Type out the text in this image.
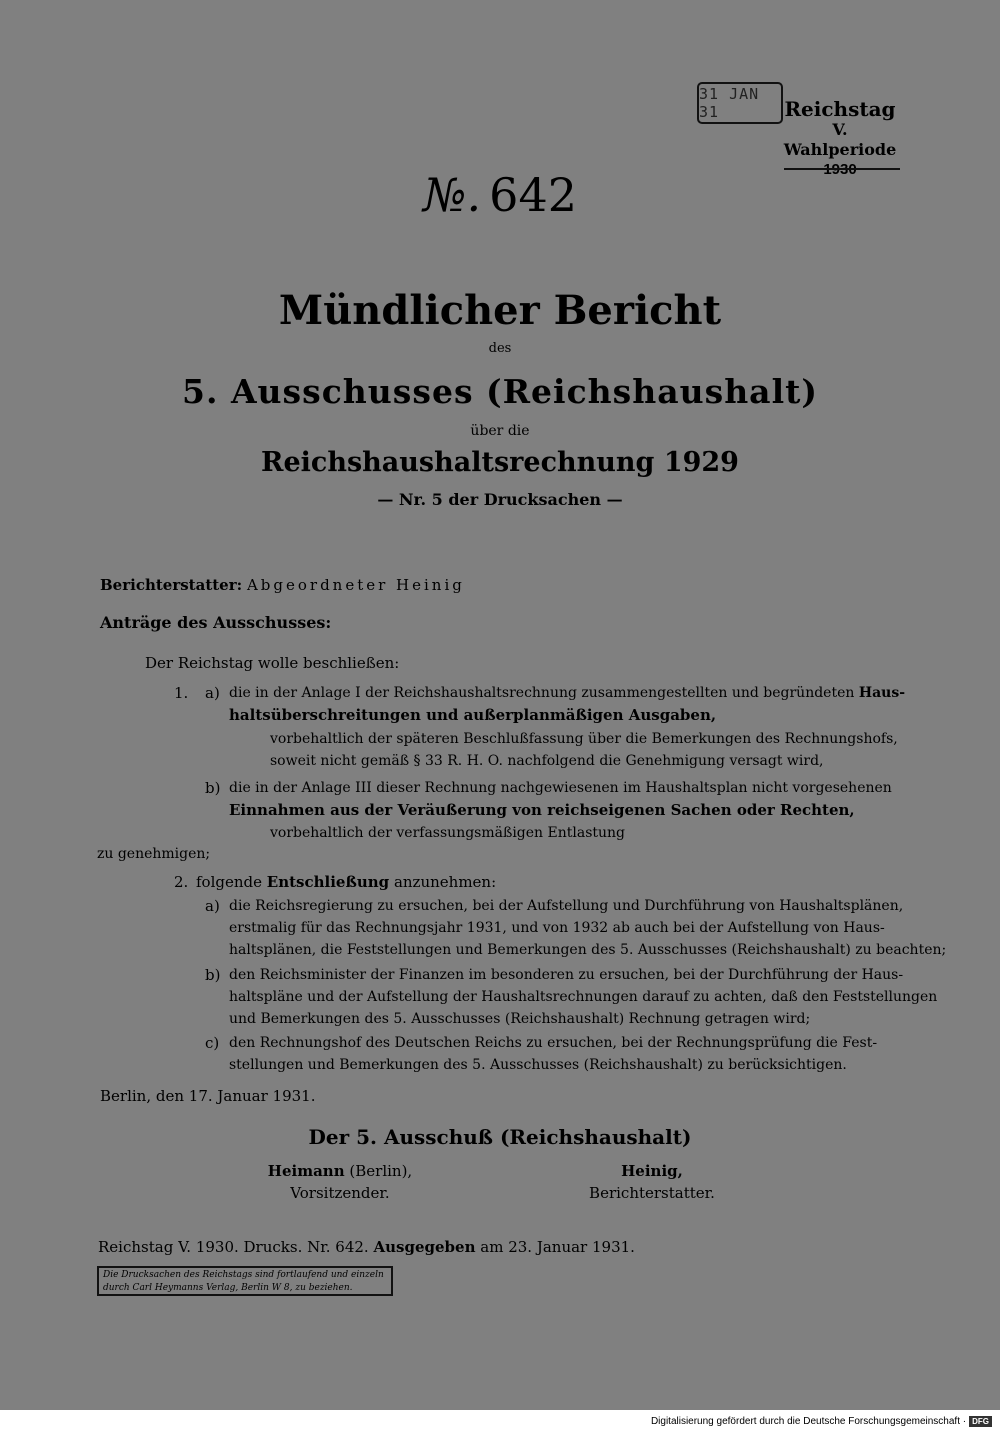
31 JAN 31	Reichstag
V. Wahlperiode
№. 642
Mündlicher Bericht
des
5. Ausschusses (Reichshaushalt)
über die
Reichshaushaltsrechnung 1929
— Nr. 5 der Drucksachen —
Berichterstatter: Abgeordneter Heinig
Anträge des Ausschusses:
Der Reichstag wolle beschließen:
1. a) die in der Anlage I der Reichshaushaltsrechnung zusammengestellten und begründeten Haus-
haltsüberschreitungen und außerplanmäßigen Ausgaben,
vorbehaltlich der späteren Beschlußfassung über die Bemerkungen des Rechnungshofs,
soweit nicht gemäß § 33 R. H. O. nachfolgend die Genehmigung versagt wird,
b) die in der Anlage III dieser Rechnung nachgewiesenen im Haushaltsplan nicht vorgesehenen
Einnahmen aus der Veräußerung von reichseigenen Sachen oder Rechten,
vorbehaltlich der verfassungsmäßigen Entlastung
zu genehmigen;
2. folgende Entschließung anzunehmen:
a) die Reichsregierung zu ersuchen, bei der Aufstellung und Durchführung von Haushaltsplänen,
erstmalig für das Rechnungsjahr 1931, und von 1932 ab auch bei der Aufstellung von Haus-
haltsplänen, die Feststellungen und Bemerkungen des 5. Ausschusses (Reichshaushalt) zu beachten;
b) den Reichsminister der Finanzen im besonderen zu ersuchen, bei der Durchführung der Haus-
haltspläne und der Aufstellung der Haushaltsrechnungen darauf zu achten, daß den Feststellungen
und Bemerkungen des 5. Ausschusses (Reichshaushalt) Rechnung getragen wird;
c) den Rechnungshof des Deutschen Reichs zu ersuchen, bei der Rechnungsprüfung die Fest-
stellungen und Bemerkungen des 5. Ausschusses (Reichshaushalt) zu berücksichtigen.
Berlin, den 17. Januar 1931.
Der 5. Ausschuß (Reichshaushalt)
Heimann (Berlin),
Vorsitzender.
Heinig,
Berichterstatter.
Reichstag V. 1930. Drucks. Nr. 642. Ausgegeben am 23. Januar 1931.
Die Drucksachen des Reichstags sind fortlaufend und einzeln
durch Carl Heymanns Verlag, Berlin W 8, zu beziehen.
Digitalisierung gefördert durch die Deutsche Forschungsgemeinschaft · DFG
